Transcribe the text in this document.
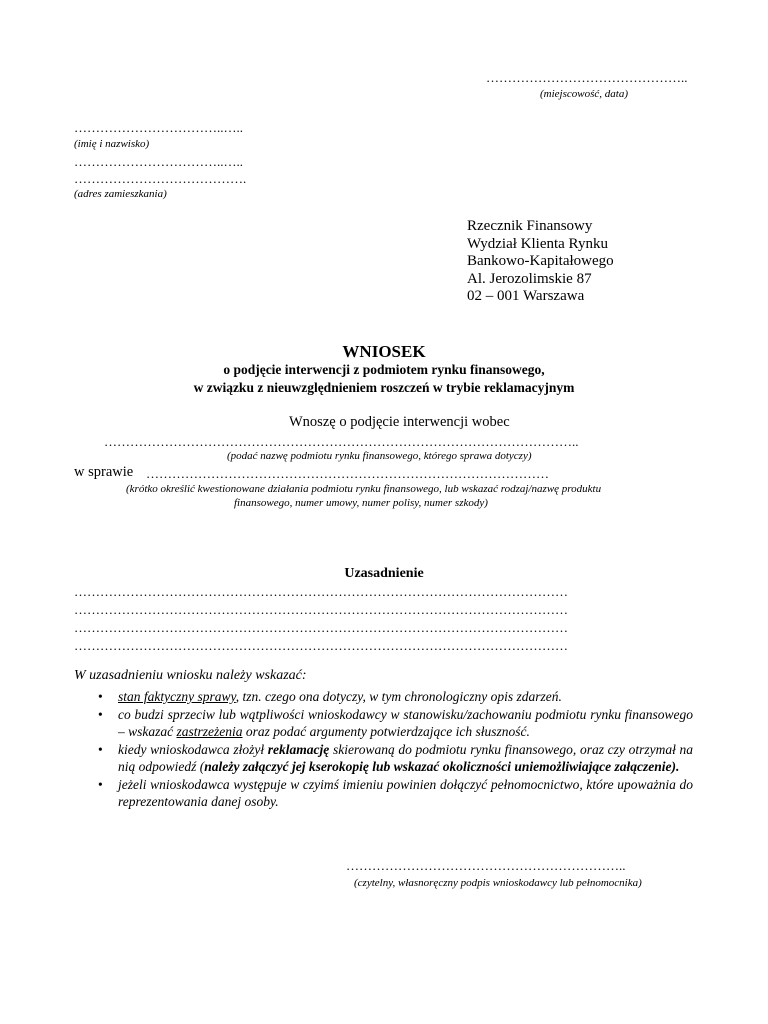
………………………………………..
(miejscowość, data)
……………………………..…..
(imię i nazwisko)
……………………………..…..
………………………………….
(adres zamieszkania)
Rzecznik Finansowy
Wydział Klienta Rynku
Bankowo-Kapitałowego
Al. Jerozolimskie 87
02 – 001 Warszawa
WNIOSEK
o podjęcie interwencji z podmiotem rynku finansowego,
w związku z nieuwzględnieniem roszczeń w trybie reklamacyjnym
Wnoszę o podjęcie interwencji wobec
………………………………………………………………………………………………..
(podać nazwę podmiotu rynku finansowego, którego sprawa dotyczy)
w sprawie …………………………………………………………………………………
(krótko określić kwestionowane działania podmiotu rynku finansowego, lub wskazać rodzaj/nazwę produktu
finansowego, numer umowy, numer polisy, numer szkody)
Uzasadnienie
……………………………………………………………………………………………………
……………………………………………………………………………………………………
……………………………………………………………………………………………………
……………………………………………………………………………………………………
W uzasadnieniu wniosku należy wskazać:
• stan faktyczny sprawy, tzn. czego ona dotyczy, w tym chronologiczny opis zdarzeń.
• co budzi sprzeciw lub wątpliwości wnioskodawcy w stanowisku/zachowaniu podmiotu rynku finansowego – wskazać zastrzeżenia oraz podać argumenty potwierdzające ich słuszność.
• kiedy wnioskodawca złożył reklamację skierowaną do podmiotu rynku finansowego, oraz czy otrzymał na nią odpowiedź (należy załączyć jej kserokopię lub wskazać okoliczności uniemożliwiające załączenie).
• jeżeli wnioskodawca występuje w czyimś imieniu powinien dołączyć pełnomocnictwo, które upoważnia do reprezentowania danej osoby.
………………………………………………………..
(czytelny, własnoręczny podpis wnioskodawcy lub pełnomocnika)
